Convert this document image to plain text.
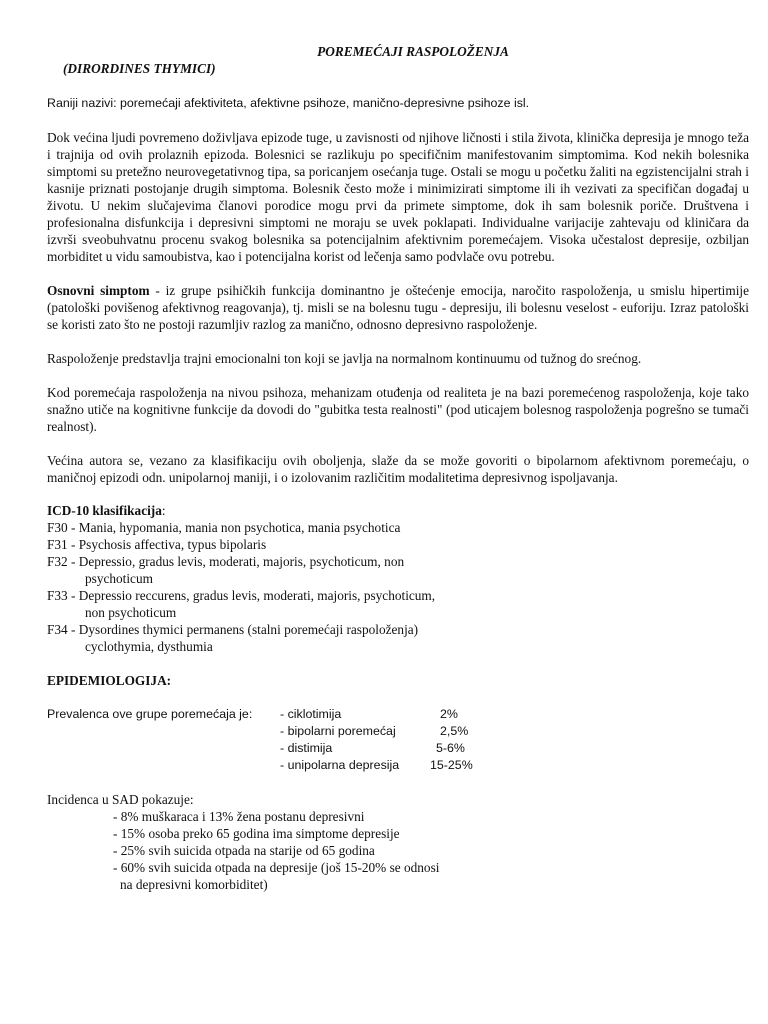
POREMEĆAJI RASPOLOŽENJA

(DIRORDINES THYMICI)

Raniji nazivi: poremećaji afektiviteta, afektivne psihoze, manično-depresivne psihoze isl.

Dok većina ljudi povremeno doživljava epizode tuge, u zavisnosti od njihove ličnosti i stila života, klinička depresija je mnogo teža i trajnija od ovih prolaznih epizoda. Bolesnici se razlikuju po specifičnim manifestovanim simptomima. Kod nekih bolesnika simptomi su pretežno neurovegetativnog tipa, sa poricanjem osećanja tuge. Ostali se mogu u početku žaliti na egzistencijalni strah i kasnije priznati postojanje drugih simptoma. Bolesnik često može i minimizirati simptome ili ih vezivati za specifičan događaj u životu. U nekim slučajevima članovi porodice mogu prvi da primete simptome, dok ih sam bolesnik poriče. Društvena i profesionalna disfunkcija i depresivni simptomi ne moraju se uvek poklapati. Individualne varijacije zahtevaju od kliničara da izvrši sveobuhvatnu procenu svakog bolesnika sa potencijalnim afektivnim poremećajem. Visoka učestalost depresije, ozbiljan morbiditet u vidu samoubistva, kao i potencijalna korist od lečenja samo podvlače ovu potrebu.

Osnovni simptom - iz grupe psihičkih funkcija dominantno je oštećenje emocija, naročito raspoloženja, u smislu hipertimije (patološki povišenog afektivnog reagovanja), tj. misli se na bolesnu tugu - depresiju, ili bolesnu veselost - euforiju. Izraz patološki se koristi zato što ne postoji razumljiv razlog za manično, odnosno depresivno raspoloženje.

Raspoloženje predstavlja trajni emocionalni ton koji se javlja na normalnom kontinuumu od tužnog do srećnog.

Kod poremećaja raspoloženja na nivou psihoza, mehanizam otuđenja od realiteta je na bazi poremećenog raspoloženja, koje tako snažno utiče na kognitivne funkcije da dovodi do "gubitka testa realnosti" (pod uticajem bolesnog raspoloženja pogrešno se tumači realnost).

Većina autora se, vezano za klasifikaciju ovih oboljenja, slaže da se može govoriti o bipolarnom afektivnom poremećaju, o maničnoj epizodi odn. unipolarnoj maniji, i o izolovanim različitim modalitetima depresivnog ispoljavanja.

ICD-10 klasifikacija:

F30 - Mania, hypomania, mania non psychotica, mania psychotica
F31 - Psychosis affectiva, typus bipolaris
F32 - Depressio, gradus levis, moderati, majoris, psychoticum, non
psychoticum
F33 - Depressio reccurens, gradus levis, moderati, majoris, psychoticum,
non psychoticum
F34 - Dysordines thymici permanens (stalni poremećaji raspoloženja)
cyclothymia, dysthumia

EPIDEMIOLOGIJA:

Prevalenca ove grupe poremećaja je:	- ciklotimija	2%
- bipolarni poremećaj	2,5%
- distimija	5-6%
- unipolarna depresija	15-25%

Incidenca u SAD pokazuje:

- 8% muškaraca i 13% žena postanu depresivni
- 15% osoba preko 65 godina ima simptome depresije
- 25% svih suicida otpada na starije od 65 godina
- 60% svih suicida otpada na depresije (još 15-20% se odnosi
na depresivni komorbiditet)
